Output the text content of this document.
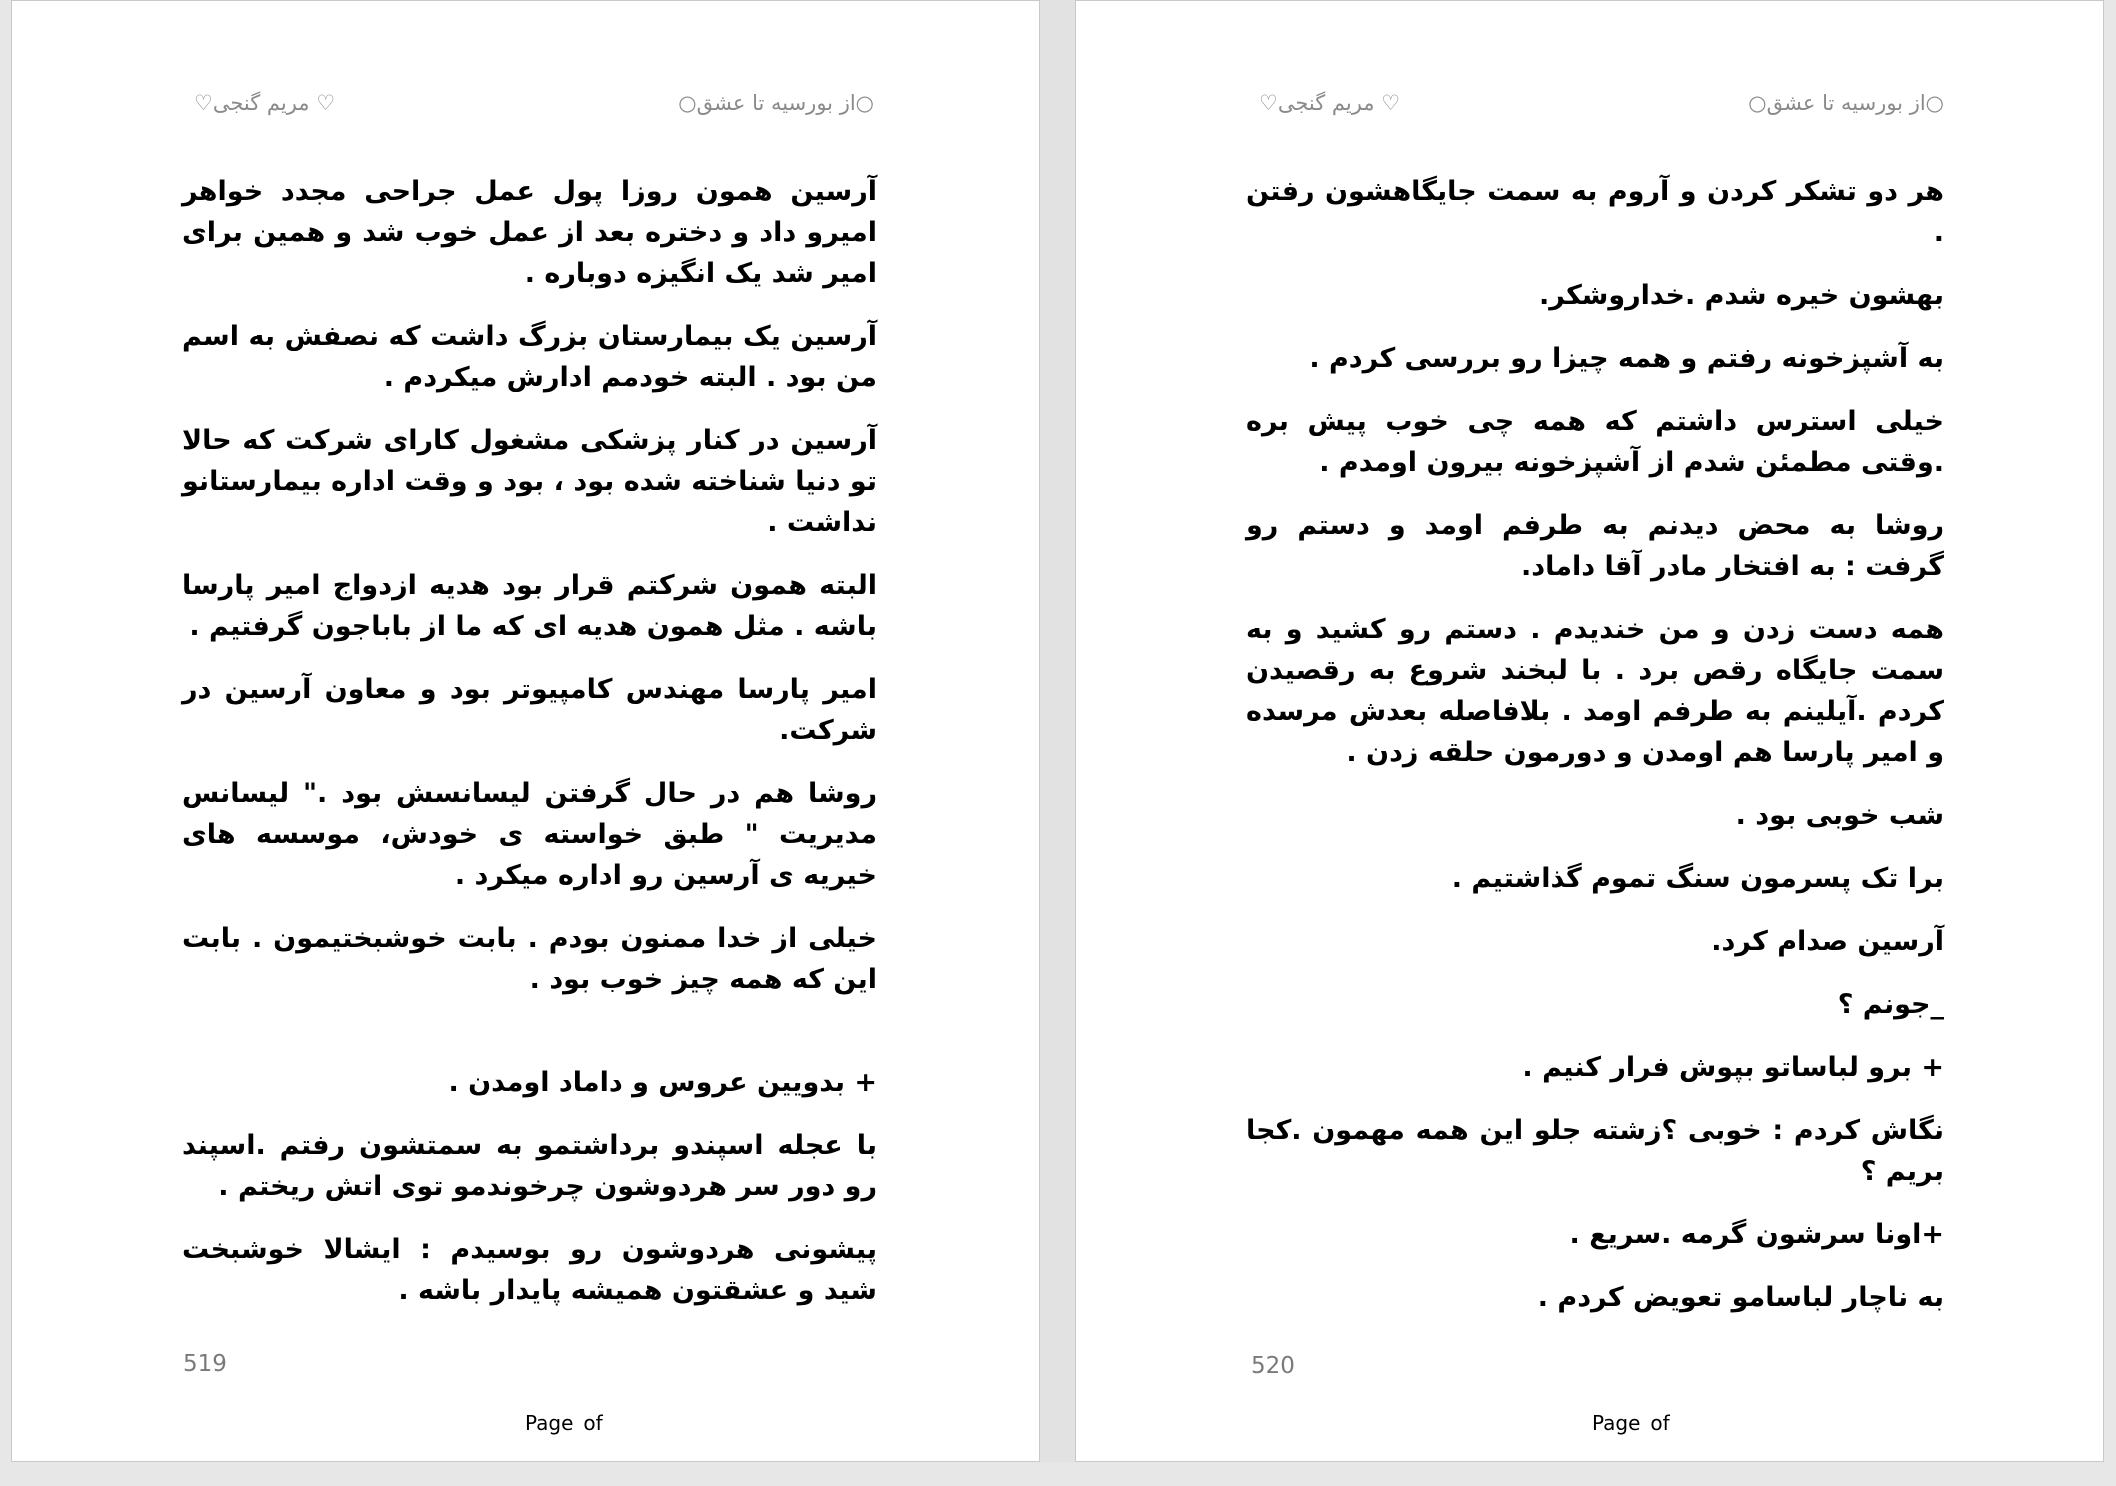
♡ مریم گنجی♡	○از بورسیه تا عشق○

آرسین همون روزا پول عمل جراحی مجدد خواهر امیرو داد و دختره بعد از عمل خوب شد و همین برای امیر شد یک انگیزه دوباره .

آرسین یک بیمارستان بزرگ داشت که نصفش به اسم من بود . البته خودمم ادارش میکردم .

آرسین در کنار پزشکی مشغول کارای شرکت که حالا تو دنیا شناخته شده بود ، بود و وقت اداره بیمارستانو نداشت .

البته همون شرکتم قرار بود هدیه ازدواج امیر پارسا باشه . مثل همون هدیه ای که ما از باباجون گرفتیم .

امیر پارسا مهندس کامپیوتر بود و معاون آرسین در شرکت.

روشا هم در حال گرفتن لیسانسش بود ." لیسانس مدیریت " طبق خواسته ی خودش، موسسه های خیریه ی آرسین رو اداره میکرد .

خیلی از خدا ممنون بودم . بابت خوشبختیمون . بابت این که همه چیز خوب بود .

+ بدویین عروس و داماد اومدن .

با عجله اسپندو برداشتمو به سمتشون رفتم .اسپند رو دور سر هردوشون چرخوندمو توی اتش ریختم .

پیشونی هردوشون رو بوسیدم : ایشالا خوشبخت شید و عشقتون همیشه پایدار باشه .

519
Page of
♡ مریم گنجی♡	○از بورسیه تا عشق○

هر دو تشکر کردن و آروم به سمت جایگاهشون رفتن .

بهشون خیره شدم .خداروشکر.

به آشپزخونه رفتم و همه چیزا رو بررسی کردم .

خیلی استرس داشتم که همه چی خوب پیش بره .وقتی مطمئن شدم از آشپزخونه بیرون اومدم .

روشا به محض دیدنم به طرفم اومد و دستم رو گرفت : به افتخار مادر آقا داماد.

همه دست زدن و من خندیدم . دستم رو کشید و به سمت جایگاه رقص برد . با لبخند شروع به رقصیدن کردم .آیلینم به طرفم اومد . بلافاصله بعدش مرسده و امیر پارسا هم اومدن و دورمون حلقه زدن .

شب خوبی بود .

برا تک پسرمون سنگ تموم گذاشتیم .

آرسین صدام کرد.

_جونم ؟

+ برو لباساتو بپوش فرار کنیم .

نگاش کردم : خوبی ؟زشته جلو این همه مهمون .کجا بریم ؟

+اونا سرشون گرمه .سریع .

به ناچار لباسامو تعویض کردم .

520
Page of
